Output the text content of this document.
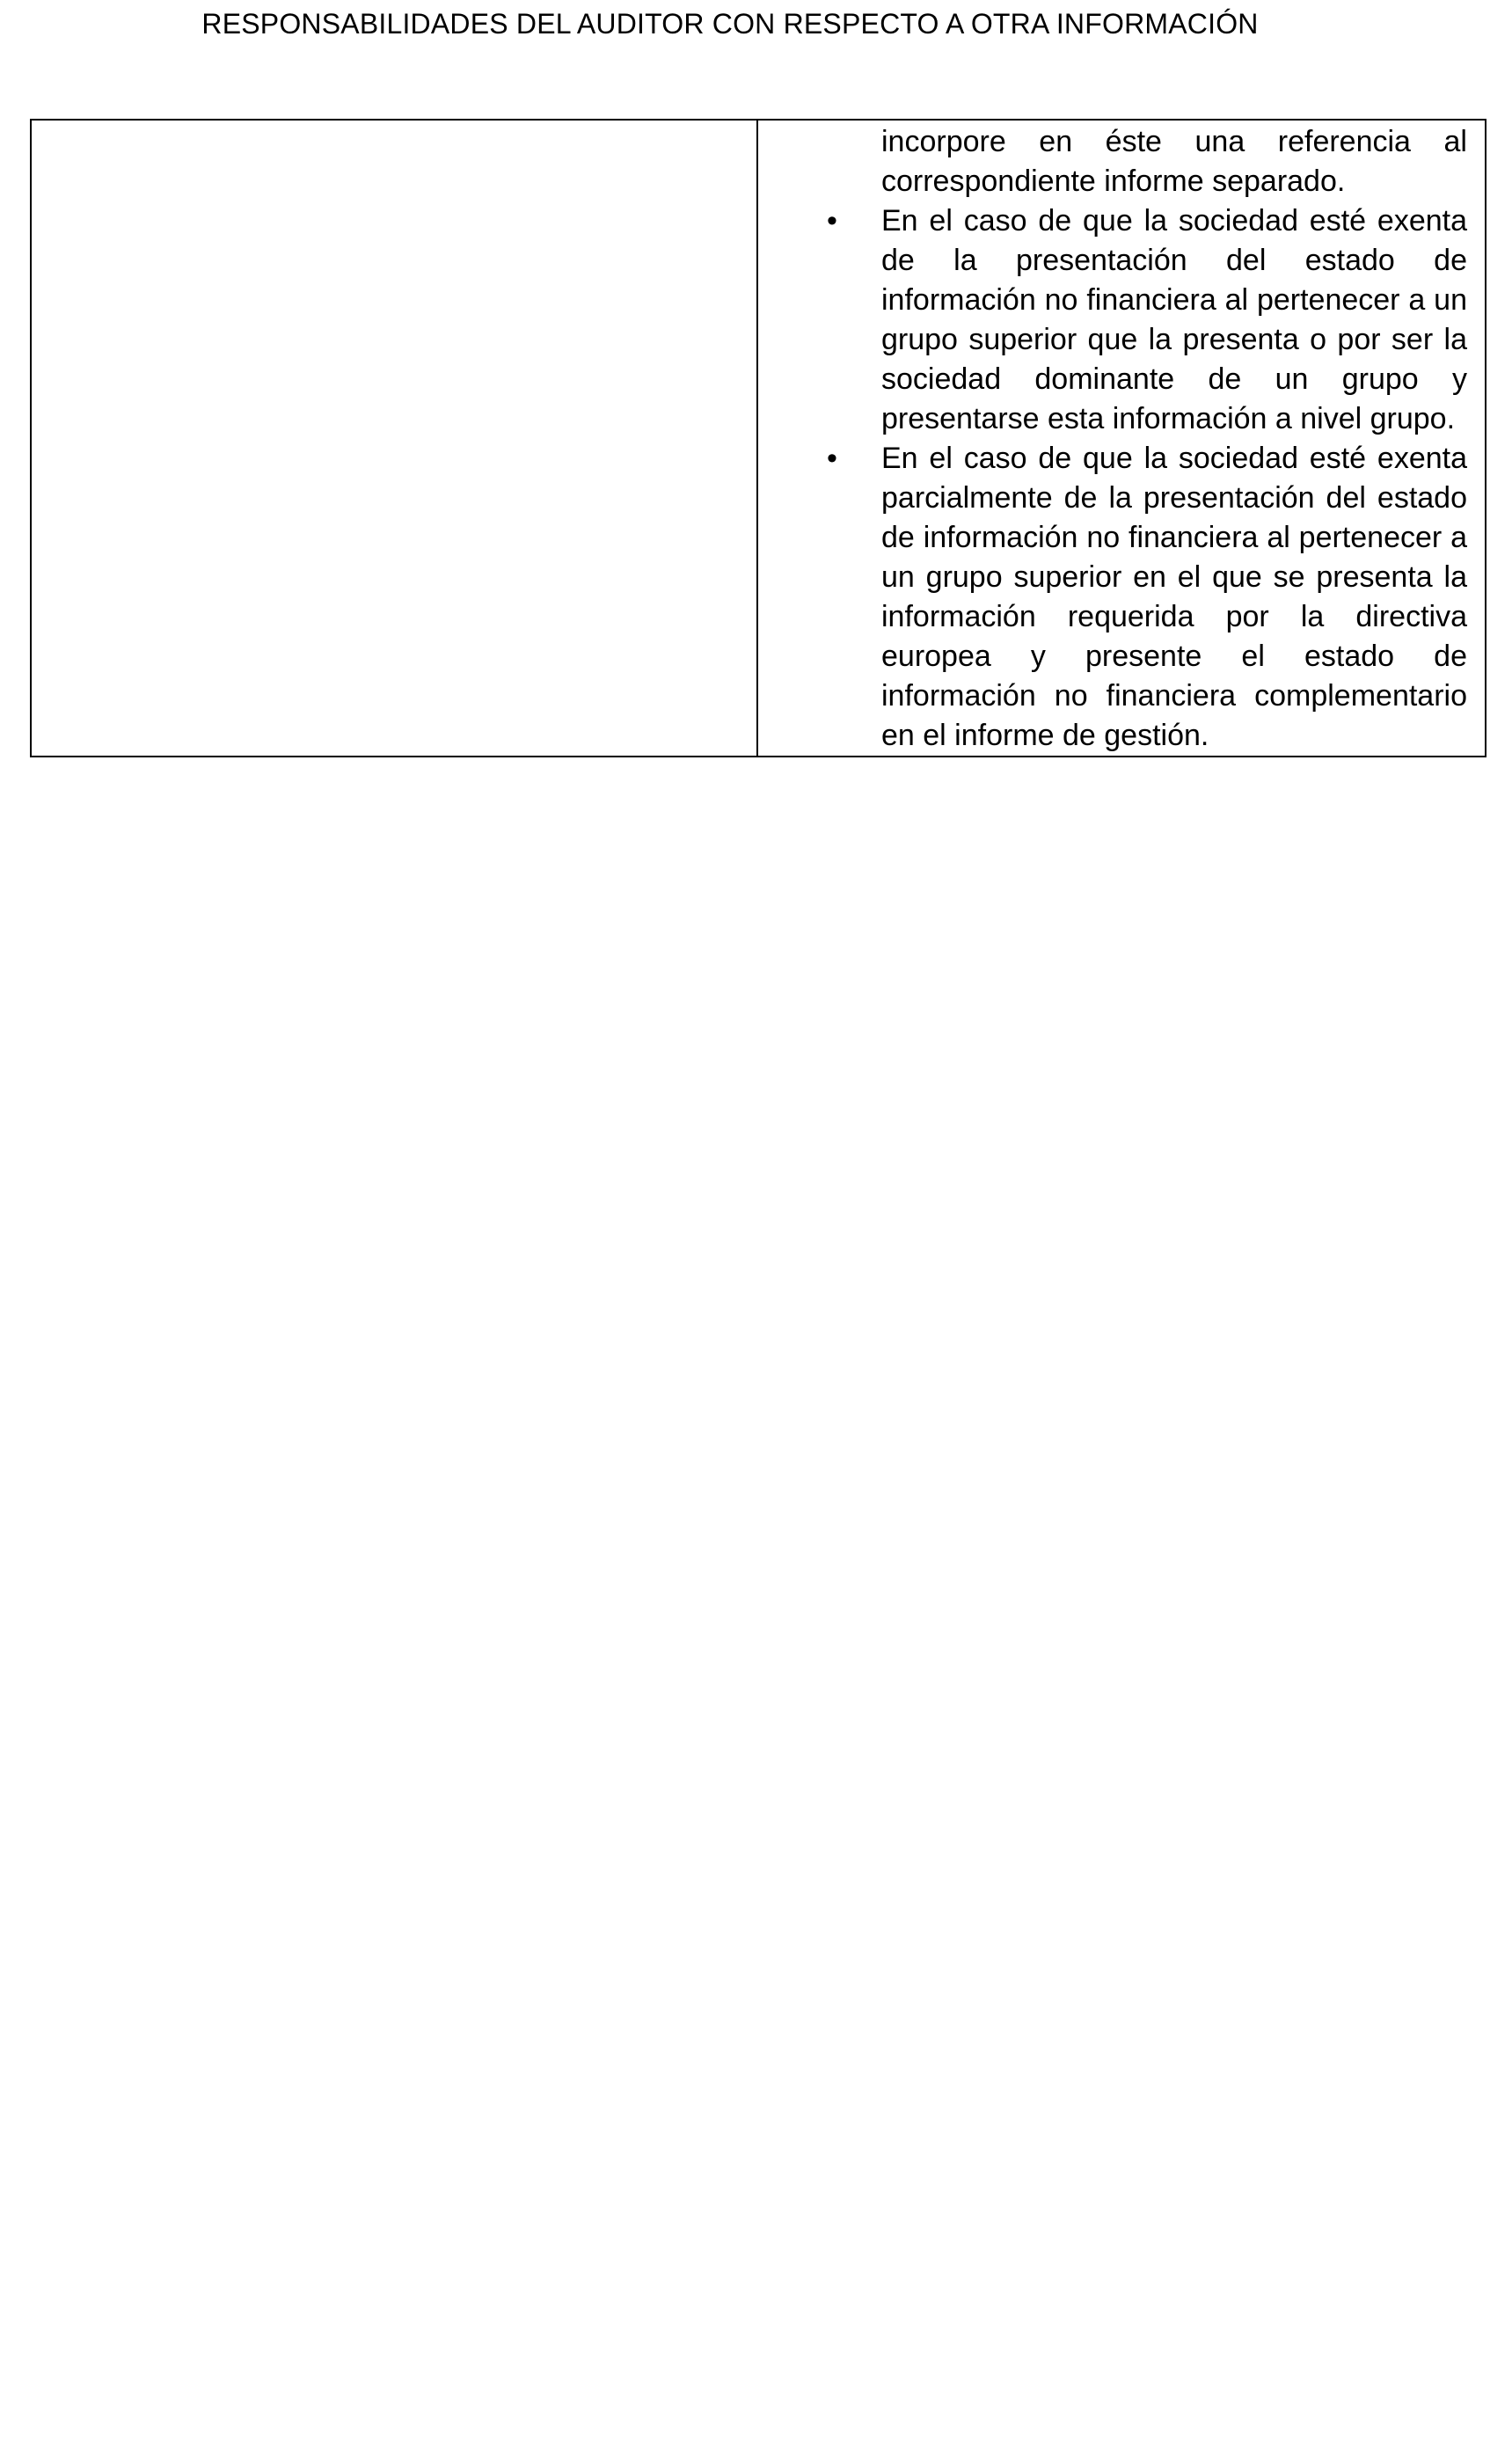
RESPONSABILIDADES DEL AUDITOR CON RESPECTO A OTRA INFORMACIÓN

incorpore en éste una referencia al correspondiente informe separado.

• En el caso de que la sociedad esté exenta de la presentación del estado de información no financiera al pertenecer a un grupo superior que la presenta o por ser la sociedad dominante de un grupo y presentarse esta información a nivel grupo.
• En el caso de que la sociedad esté exenta parcialmente de la presentación del estado de información no financiera al pertenecer a un grupo superior en el que se presenta la información requerida por la directiva europea y presente el estado de información no financiera complementario en el informe de gestión.
